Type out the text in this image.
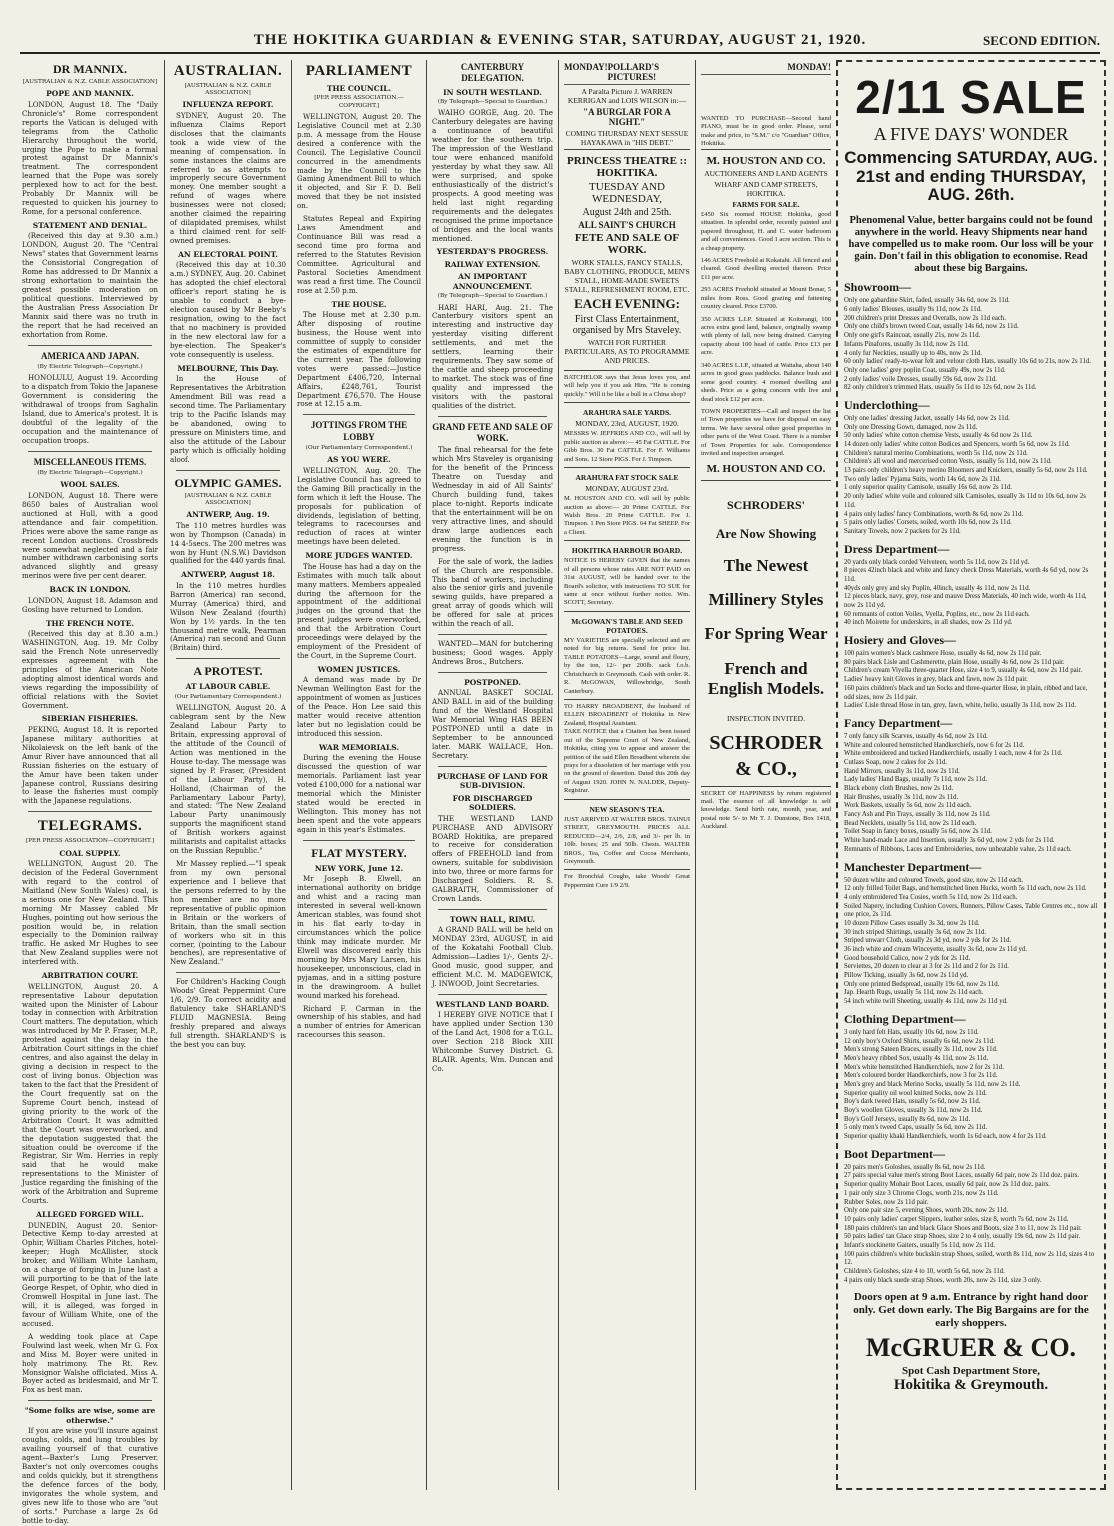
THE HOKITIKA GUARDIAN & EVENING STAR, SATURDAY, AUGUST 21, 1920.	SECOND EDITION.
DR MANNIX.
[AUSTRALIAN & N.Z. CABLE ASSOCIATION]
POPE AND MANNIX.

LONDON, August 18. The "Daily Chronicle's" Rome correspondent reports the Vatican is deluged with telegrams from the Catholic Hierarchy throughout the world, urging the Pope to make a formal protest against Dr Mannix's treatment. The correspondent learned that the Pope was sorely perplexed how to act for the best. Probably Dr Mannix will be requested to quicken his journey to Rome, for a personal conference.

STATEMENT AND DENIAL.

(Received this day at 9.30 a.m.) LONDON, August 20. The "Central News" states that Government learns the Consistorial Congregation of Rome has addressed to Dr Mannix a strong exhortation to maintain the greatest possible moderation on political questions. Interviewed by the Australian Press Association Dr Mannix said there was no truth in the report that he had received an exhortation from Rome.

AMERICA AND JAPAN.
(By Electric Telegraph—Copyright.)

HONOLULU, August 19. According to a dispatch from Tokio the Japanese Government is considering the withdrawal of troops from Saghalin Island, due to America's protest. It is doubtful of the legality of the occupation and the maintenance of occupation troops.

MISCELLANEOUS ITEMS.
(By Electric Telegraph—Copyright.)
WOOL SALES.

LONDON, August 18. There were 8650 bales of Australian wool auctioned at Hull, with a good attendance and fair competition. Prices were above the same range as recent London auctions. Crossbreds were somewhat neglected and a fair number withdrawn carbonising sorts advanced slightly and greasy merinos were five per cent dearer.

BACK IN LONDON.

LONDON, August 18. Adamson and Gosling have returned to London.

THE FRENCH NOTE.

(Received this day at 8.30 a.m.) WASHINGTON, Aug. 19. Mr Colby said the French Note unreservedly expresses agreement with the principles of the American Note adopting almost identical words and views regarding the impossibility of official relations with the Soviet Government.

SIBERIAN FISHERIES.

PEKING, August 18. It is reported Japanese military authorities at Nikolaievsk on the left bank of the Amur River have announced that all Russian fisheries on the estuary of the Amur have been taken under Japanese control, Russians desiring to lease the fisheries must comply with the Japanese regulations.

TELEGRAMS.
[PER PRESS ASSOCIATION—COPYRIGHT.]
COAL SUPPLY.

WELLINGTON, August 20. The decision of the Federal Government with regard to the control of Maitland (New South Wales) coal, is a serious one for New Zealand. This morning Mr Massey cabled Mr Hughes, pointing out how serious the position would be, in relation especially to the Dominion railway traffic. He asked Mr Hughes to see that New Zealand supplies were not interfered with.

ARBITRATION COURT.

WELLINGTON, August 20. A representative Labour deputation waited upon the Minister of Labour today in connection with Arbitration Court matters. The deputation, which was introduced by Mr P. Fraser, M.P., protested against the delay in the Arbitration Court sittings in the chief centres, and also against the delay in giving a decision in respect to the cost of living bonus. Objection was taken to the fact that the President of the Court frequently sat on the Supreme Court bench, instead of giving priority to the work of the Arbitration Court. It was admitted that the Court was overworked, and the deputation suggested that the situation could be overcome if the Registrar, Sir Wm. Herries in reply said that he would make representations to the Minister of Justice regarding the finishing of the work of the Arbitration and Supreme Courts.

ALLEGED FORGED WILL.

DUNEDIN, August 20. Senior-Detective Kemp to-day arrested at Ophir, William Charles Pitches, hotel-keeper; Hugh McAllister, stock broker, and William White Lanham, on a charge of forging in June last a will purporting to be that of the late George Respet, of Ophir, who died in Cromwell Hospital in June last. The will, it is alleged, was forged in favour of William White, one of the accused.

A wedding took place at Cape Foulwind last week, when Mr G. Fox and Miss M. Boyer were united in holy matrimony. The Rt. Rev. Monsignor Walshe officiated. Miss A. Boyer acted as bridesmaid, and Mr T. Fox as best man.

"Some folks are wise, some are otherwise."

If you are wise you'll insure against coughs, colds, and lung troubles by availing yourself of that curative agent—Baxter's Lung Preserver. Baxter's not only overcomes coughs and colds quickly, but it strengthens the defence forces of the body, invigorates the whole system, and gives new life to those who are "out of sorts." Purchase a large 2s 6d bottle to-day.

AUSTRALIAN.
[AUSTRALIAN & N.Z. CABLE ASSOCIATION]
INFLUENZA REPORT.

SYDNEY, August 20. The influenza Claims Report discloses that the claimants took a wide view of the meaning of compensation. In some instances the claims are referred to as attempts to improperly secure Government money. One member sought a refund of wages where businesses were not closed; another claimed the repairing of dilapidated premises, whilst a third claimed rent for self-owned premises.

AN ELECTORAL POINT.

(Received this day at 10.30 a.m.) SYDNEY, Aug. 20. Cabinet has adopted the chief electoral officer's report stating he is unable to conduct a bye-election caused by Mr Beeby's resignation, owing to the fact that no machinery is provided in the new electoral law for a bye-election. The Speaker's vote consequently is useless.

MELBOURNE, This Day.

In the House of Representatives the Arbitration Amendment Bill was read a second time. The Parliamentary trip to the Pacific Islands may be abandoned, owing to pressure on Ministers time, and also the attitude of the Labour party which is officially holding aloof.

OLYMPIC GAMES.
[AUSTRALIAN & N.Z. CABLE ASSOCIATION]
ANTWERP, Aug. 19.

The 110 metres hurdles was won by Thompson (Canada) in 14 4-5secs. The 200 metres was won by Hunt (N.S.W.) Davidson qualified for the 440 yards final.

ANTWERP, August 18.

In the 110 metres hurdles Barron (America) ran second, Murray (America) third, and Wilson New Zealand (fourth) Won by 1½ yards. In the ten thousand metre walk, Pearman (America) ran second and Gunn (Britain) third.

A PROTEST.
AT LABOUR CABLE.
(Our Parliamentary Correspondent.)

WELLINGTON, August 20. A cablegram sent by the New Zealand Labour Party to Britain, expressing approval of the attitude of the Council of Action was mentioned in the House to-day. The message was signed by P. Fraser, (President of the Labour Party), H. Holland, (Chairman of the Parliamentary Labour Party), and stated: "The New Zealand Labour Party unanimously supports the magnificent stand of British workers against militarists and capitalist attacks on the Russian Republic."

Mr Massey replied.—"I speak from my own personal experience and I believe that the persons referred to by the hon member are no more representative of public opinion in Britain or the workers of Britain, than the small section of workers who sit in this corner, (pointing to the Labour benches), are representative of New Zealand."

For Children's Hacking Cough Woods' Great Peppermint Cure 1/6, 2/9. To correct acidity and flatulency take SHARLAND'S FLUID MAGNESIA. Being freshly prepared and always full strength. SHARLAND'S is the best you can buy.

PARLIAMENT
THE COUNCIL.
[PER PRESS ASSOCIATION.—COPYRIGHT.]

WELLINGTON, August 20. The Legislative Council met at 2.30 p.m. A message from the House desired a conference with the Council. The Legislative Council concurred in the amendments made by the Council to the Gaming Amendment Bill to which it objected, and Sir F. D. Bell moved that they be not insisted on.

Statutes Repeal and Expiring Laws Amendment and Continuance Bill was read a second time pro forma and referred to the Statutes Revision Committee. Agricultural and Pastoral Societies Amendment was read a first time. The Council rose at 2.50 p.m.

THE HOUSE.

The House met at 2.30 p.m. After disposing of routine business, the House went into committee of supply to consider the estimates of expenditure for the current year. The following votes were passed:—Justice Department £406,720, Internal Affairs, £248,761, Tourist Department £76,570. The House rose at 12.15 a.m.

JOTTINGS FROM THE LOBBY
(Our Parliamentary Correspondent.)
AS YOU WERE.

WELLINGTON, Aug. 20. The Legislative Council has agreed to the Gaming Bill practically in the form which it left the House. The proposals for publication of dividends, legislation of betting, telegrams to racecourses and reduction of races at winter meetings have been deleted.

MORE JUDGES WANTED.

The House has had a day on the Estimates with much talk about many matters. Members appealed during the afternoon for the appointment of the additional judges on the ground that the present judges were overworked, and that the Arbitration Court proceedings were delayed by the employment of the President of the Court, in the Supreme Court.

WOMEN JUSTICES.

A demand was made by Dr Newman Wellington East for the appointment of women as Justices of the Peace. Hon Lee said this matter would receive attention later but no legislation could be introduced this session.

WAR MEMORIALS.

During the evening the House discussed the question of war memorials. Parliament last year voted £100,000 for a national war memorial which the Minister stated would be erected in Wellington. This money has not been spent and the vote appears again in this year's Estimates.

FLAT MYSTERY.
NEW YORK, June 12.

Mr Joseph B. Elwell, an international authority on bridge and whist and a racing man interested in several well-known American stables, was found shot in his flat early to-day in circumstances which the police think may indicate murder. Mr Elwell was discovered early this morning by Mrs Mary Larsen, his housekeeper, unconscious, clad in pyjamas, and in a sitting posture in the drawingroom. A bullet wound marked his forehead.

Richard F. Carman in the ownership of his stables, and had a number of entries for American racecourses this season.

CANTERBURY DELEGATION.
IN SOUTH WESTLAND.
(By Telegraph—Special to Guardian.)

WAIHO GORGE, Aug. 20. The Canterbury delegates are having a continuance of beautiful weather for the southern trip. The impression of the Westland tour were enhanced manifold yesterday by what they saw. All were surprised, and spoke enthusiastically of the district's prospects. A good meeting was held last night regarding requirements and the delegates recognised the prime importance of bridges and the local wants mentioned.

YESTERDAY'S PROGRESS.
RAILWAY EXTENSION.
AN IMPORTANT ANNOUNCEMENT.
(By Telegraph—Special to Guardian.)

HARI HARI, Aug. 21. The Canterbury visitors spent an interesting and instructive day yesterday visiting different settlements, and met the settlers, learning their requirements. They saw some of the cattle and sheep proceeding to market. The stock was of fine quality and impressed the visitors with the pastoral qualities of the district.

GRAND FETE AND SALE OF WORK.

The final rehearsal for the fete which Mrs Staveley is organising for the benefit of the Princess Theatre on Tuesday and Wednesday in aid of All Saints' Church building fund, takes place to-night. Reports indicate that the entertainment will be on very attractive lines, and should draw large audiences each evening the function is in progress.

For the sale of work, the ladies of the Church are responsible. This band of workers, including also the senior girls and juvenile sewing guilds, have prepared a great array of goods which will be offered for sale at prices within the reach of all.

WANTED—MAN for butchering business; Good wages. Apply Andrews Bros., Butchers.

POSTPONED.

ANNUAL BASKET SOCIAL AND BALL in aid of the building fund of the Westland Hospital War Memorial Wing HAS BEEN POSTPONED until a date in September to be announced later. MARK WALLACE, Hon. Secretary.

PURCHASE OF LAND FOR SUB-DIVISION.
FOR DISCHARGED SOLDIERS.

THE WESTLAND LAND PURCHASE AND ADVISORY BOARD Hokitika, are prepared to receive for consideration offers of FREEHOLD land from owners, suitable for subdivision into two, three or more farms for Discharged Soldiers. R. S. GALBRAITH, Commissioner of Crown Lands.

TOWN HALL, RIMU.

A GRAND BALL will be held on MONDAY 23rd, AUGUST, in aid of the Kokatahi Football Club. Admission—Ladies 1/-, Gents 2/-. Good music, good supper, and efficient M.C. M. MADGEWICK, J. INWOOD, Joint Secretaries.

WESTLAND LAND BOARD.

I HEREBY GIVE NOTICE that I have applied under Section 130 of the Land Act, 1908 for a T.G.L. over Section 218 Block XIII Whitcombe Survey District. G. BLAIR. Agents, Wm. Duncan and Co.

MONDAY! POLLARD'S PICTURES!
A Paralta Picture J. WARREN KERRIGAN and LOIS WILSON in:—
"A BURGLAR FOR A NIGHT."
COMING THURSDAY NEXT SESSUE HAYAKAWA in "HIS DEBT."
PRINCESS THEATRE :: HOKITIKA.
TUESDAY AND WEDNESDAY,
August 24th and 25th.
ALL SAINT'S CHURCH
FETE AND SALE OF WORK.
WORK STALLS, FANCY STALLS, BABY CLOTHING, PRODUCE, MEN'S STALL, HOME-MADE SWEETS STALL, REFRESHMENT ROOM, ETC.
EACH EVENING:
First Class Entertainment, organised by Mrs Staveley.
WATCH FOR FURTHER PARTICULARS, AS TO PROGRAMME AND PRICES.
BATCHELOR says that Jesus loves you, and will help you if you ask Him. "He is coming quickly." Will it be like a bull in a China shop?
ARAHURA SALE YARDS.
MONDAY, 23rd, AUGUST, 1920.
MESSRS W. JEFFRIES AND CO., will sell by public auction as above:— 45 Fat CATTLE. For Gibb Bros. 30 Fat CATTLE. For F. Williams and Sons. 12 Store PIGS. For J. Timpson.
ARAHURA FAT STOCK SALE
MONDAY, AUGUST 23rd.
M. HOUSTON AND CO. will sell by public auction as above:— 20 Prime CATTLE. For Walsh Bros. 20 Prime CATTLE. For J. Timpson. 1 Pen Store PIGS. 64 Fat SHEEP. For a Client.
HOKITIKA HARBOUR BOARD.
NOTICE IS HEREBY GIVEN that the names of all persons whose rates ARE NOT PAID on 31st AUGUST, will be handed over to the Board's solicitor, with instructions TO SUE for same at once without further notice. Wm. SCOTT, Secretary.
McGOWAN'S TABLE AND SEED POTATOES.
MY VARIETIES are specially selected and are noted for big returns. Send for price list. TABLE POTATOES—Large, sound and floury, by the ton, 12/- per 200lb. sack f.o.b. Christchurch to Greymouth. Cash with order. R. R. McGOWAN, Willowbridge, South Canterbury.
TO HARRY BROADBENT, the husband of ELLEN BROADBENT of Hokitika in New Zealand, Hospital Assistant.
TAKE NOTICE that a Citation has been issued out of the Supreme Court of New Zealand, Hokitika, citing you to appear and answer the petition of the said Ellen Broadbent wherein she prays for a dissolution of her marriage with you on the ground of desertion. Dated this 20th day of August 1920. JOHN N. NALDER, Deputy-Registrar.
NEW SEASON'S TEA.
JUST ARRIVED AT WALTER BROS. TAINUI STREET, GREYMOUTH. PRICES ALL REDUCED—2/4, 2/6, 2/8, and 3/- per lb. in 10lb. boxes; 25 and 50lb. Chests. WALTER BROS., Tea, Coffee and Cocoa Merchants, Greymouth.
For Bronchial Coughs, take Woods' Great Peppermint Cure 1/9 2/9.
MONDAY!
WANTED TO PURCHASE—Second hand PIANO, must be in good order. Please, send make and price, to "S.M." c/o "Guardian" Office, Hokitika.
M. HOUSTON AND CO.
AUCTIONEERS AND LAND AGENTS
WHARF AND CAMP STREETS, HOKITIKA.
FARMS FOR SALE.
£450 Six roomed HOUSE Hokitika, good situation. In splendid order, recently painted and papered throughout, H. and C. water bathroom and all conveniences. Good 1 acre section. This is a cheap property.
146 ACRES Freehold at Kokatahi. All fenced and cleared. Good dwelling erected thereon. Price £11 per acre.
293 ACRES Freehold situated at Mount Bonar, 5 miles from Ross. Good grazing and fattening country cleared. Price £3700.
350 ACRES L.I.P. Situated at Koiterangi, 100 acres extra good land, balance, originally swamp with plenty of fall, now being drained. Carrying capacity about 100 head of cattle. Price £13 per acre.
340 ACRES L.I.P., situated at Waitaha, about 140 acres in good grass paddocks. Balance bush and some good country. 4 roomed dwelling and sheds. Price as a going concern with live and dead stock £12 per acre.
TOWN PROPERTIES—Call and inspect the list of Town properties we have for disposal on easy terms. We have several other good properties in other parts of the West Coast. There is a number of Town Properties for sale. Correspondence invited and inspection arranged.
M. HOUSTON AND CO.
SCHRODERS'
Are Now Showing
The Newest
Millinery Styles
For Spring Wear
French and English Models.
INSPECTION INVITED.
SCHRODER
& CO.,
SECRET OF HAPPINESS by return registered mail. The essence of all knowledge is self knowledge. Send birth rate, month, year, and postal note 5/- to Mr T. J. Dunstone, Box 1418, Auckland.
2/11 SALE
A FIVE DAYS' WONDER
Commencing SATURDAY, AUG. 21st and ending THURSDAY, AUG. 26th.
Phenomenal Value, better bargains could not be found anywhere in the world. Heavy Shipments near hand have compelled us to make room. Our loss will be your gain. Don't fail in this obligation to economise. Read about these big Bargains.
Showroom—
Only one gabardine Skirt, faded, usually 34s 6d, now 2s 11d.
6 only ladies' Blouses, usually 9s 11d, now 2s 11d.
200 children's print Dresses and Overalls, now 2s 11d each.
Only one child's brown tweed Coat, usually 14s 6d, now 2s 11d.
Only one girl's Raincoat, usually 21s, now 2s 11d.
Infants Pinafores, usually 3s 11d, now 2s 11d.
4 only fur Neckties, usually up to 40s, now 2s 11d.
60 only ladies' ready-to-wear felt and velour cloth Hats, usually 10s 6d to 21s, now 2s 11d.
Only one ladies' grey poplin Coat, usually 49s, now 2s 11d.
2 only ladies' voile Dresses, usually 59s 6d, now 2s 11d.
82 only children's trimmed Hats, usually 5s 11d to 12s 6d, now 2s 11d.
Underclothing—
Only one ladies' dressing Jacket, usually 14s 6d, now 2s 11d.
Only one Dressing Gown, damaged, now 2s 11d.
50 only ladies' white cotton chemise Vests, usually 4s 6d now 2s 11d.
14 dozen only ladies' white cotton Bodices and Spencers, worth 5s 6d, now 2s 11d.
Children's natural merino Combinations, worth 5s 11d, now 2s 11d.
Children's all wool and mercerised cotton Vests, usually 5s 11d, now 2s 11d.
13 pairs only children's heavy merino Bloomers and Knickers, usually 5s 6d, now 2s 11d.
Two only ladies' Pyjama Suits, worth 14s 6d, now 2s 11d.
1 only superior quality Camisole, usually 16s 6d, now 2s 11d.
20 only ladies' white voile and coloured silk Camisoles, usually 3s 11d to 10s 6d, now 2s 11d.
4 pairs only ladies' fancy Combinations, worth 8s 6d, now 2s 11d.
5 pairs only ladies' Corsets, soiled, worth 10s 6d, now 2s 11d.
Sanitary Towels, now 2 packets for 2s 11d.
Dress Department—
20 yards only black corded Velveteen, worth 5s 11d, now 2s 11d yd.
8 pieces 42inch black and white and fancy check Dress Materials, worth 4s 6d yd, now 2s 11d.
40yds only grey and sky Poplin, 40inch, usually 4s 11d, now 2s 11d.
12 pieces black, navy, grey, rose and mauve Dress Materials, 40 inch wide, worth 4s 11d, now 2s 11d yd.
60 remnants of cotton Voiles, Vyella, Poplins, etc., now 2s 11d each.
40 inch Moirette for underskirts, in all shades, now 2s 11d yd.
Hosiery and Gloves—
100 pairs women's black cashmere Hose, usually 4s 6d, now 2s 11d pair.
80 pairs black Lisle and Cashmerette, plain Hose, usually 4s 6d, now 2s 11d pair.
Children's cream Viyella three-quarter Hose, size 4 to 9, usually 4s 6d, now 2s 11d pair.
Ladies' heavy knit Gloves in grey, black and fawn, now 2s 11d pair.
160 pairs children's black and tan Socks and three-quarter Hose, in plain, ribbed and lace, odd sizes, now 2s 11d pair.
Ladies' Lisle thread Hose in tan, grey, fawn, white, helio, usually 3s 11d, now 2s 11d.
Fancy Department—
7 only fancy silk Scarves, usually 4s 6d, now 2s 11d.
White and coloured hemstitched Handkerchiefs, now 6 for 2s 11d.
White embroidered and tucked Handkerchiefs, usually 1 each, now 4 for 2s 11d.
Cutlass Soap, now 2 cakes for 2s 11d.
Hand Mirrors, usually 3s 11d, now 2s 11d.
Lady ladies' Hand Bags, usually 7s 11d, now 2s 11d.
Black ebony cloth Brushes, now 2s 11d.
Hair Brushes, usually 3s 11d, now 2s 11d.
Work Baskets, usually 5s 6d, now 2s 11d each.
Fancy Ash and Pin Trays, usually 3s 11d, now 2s 11d.
Bead Necklets, usually 5s 11d, now 2s 11d each.
Toilet Soap in fancy boxes, usually 5s 6d, now 2s 11d.
White hand-made Lace and Insertion, usually 3s 6d yd, now 2 yds for 2s 11d.
Remnants of Ribbons, Laces and Embroideries, now unbeatable value, 2s 11d each.
Manchester Department—
50 dozen white and coloured Towels, good size, now 2s 11d each.
12 only frilled Toilet Bags, and hemstitched linen Hucks, worth 5s 11d each, now 2s 11d.
4 only embroidered Tea Cosies, worth 5s 11d, now 2s 11d each.
Soiled Napery, including Cushion Covers, Runners, Pillow Cases, Table Centres etc., now all one price, 2s 11d.
10 dozen Pillow Cases usually 3s 3d, now 2s 11d.
30 inch striped Shirtings, usually 3s 6d, now 2s 11d.
Striped unwarr Cloth, usually 2s 3d yd, now 2 yds for 2s 11d.
36 inch white and cream Winceyette, usually 3s 6d, now 2s 11d yd.
Good household Calico, now 2 yds for 2s 11d.
Serviettes, 20 dozen to clear at 3 for 2s 11d and 2 for 2s 11d.
Pillow Ticking, usually 3s 6d, now 2s 11d yd.
Only one printed Bedspread, usually 19s 6d, now 2s 11d.
Jap. Hearth Rugs, usually 5s 11d, now 2s 11d each.
54 inch white twill Sheeting, usually 4s 11d, now 2s 11d yd.
Clothing Department—
3 only hard felt Hats, usually 10s 6d, now 2s 11d.
12 only boy's Oxford Shirts, usually 6s 6d, now 2s 11d.
Men's strong Sateen Braces, usually 3s 11d, now 2s 11d.
Men's heavy ribbed Sox, usually 4s 11d, now 2s 11d.
Men's white hemstitched Handkerchiefs, now 2 for 2s 11d.
Men's coloured border Handkerchiefs, now 3 for 2s 11d.
Men's grey and black Merino Socks, usually 5s 11d, now 2s 11d.
Superior quality oil wool knitted Socks, now 2s 11d.
Boy's dark tweed Hats, usually 5s 6d, now 2s 11d.
Boy's woollen Gloves, usually 3s 11d, now 2s 11d.
Boy's Golf Jerseys, usually 8s 6d, now 2s 11d.
5 only men's tweed Caps, usually 5s 6d, now 2s 11d.
Superior quality khaki Handkerchiefs, worth 1s 6d each, now 4 for 2s 11d.
Boot Department—
20 pairs men's Goloshes, usually 8s 6d, now 2s 11d.
27 pairs special value men's strong Boot Laces, usually 6d pair, now 2s 11d doz. pairs.
Superior quality Mohair Boot Laces, usually 6d pair, now 2s 11d doz. pairs.
1 pair only size 3 Chrome Clogs, worth 21s, now 2s 11d.
Rubber Soles, now 2s 11d pair.
Only one pair size 5, evening Shoes, worth 20s, now 2s 11d.
10 pairs only ladies' carpet Slippers, leather soles, size 8, worth 7s 6d, now 2s 11d.
180 pairs children's tan and black Glace Shoes and Boots, size 3 to 11, now 2s 11d pair.
50 pairs ladies' tan Glace strap Shoes, size 2 to 4 only, usually 19s 6d, now 2s 11d pair.
Infant's stockinette Gaiters, usually 5s 11d, now 2s 11d.
100 pairs children's white buckskin strap Shoes, soiled, worth 8s 11d, now 2s 11d, sizes 4 to 12.
Children's Goloshes, size 4 to 10, worth 5s 6d, now 2s 11d.
4 pairs only black suede strap Shoes, worth 20s, now 2s 11d, size 3 only.
Doors open at 9 a.m. Entrance by right hand door only. Get down early. The Big Bargains are for the early shoppers.
McGRUER & CO.
Spot Cash Department Store,
Hokitika & Greymouth.
